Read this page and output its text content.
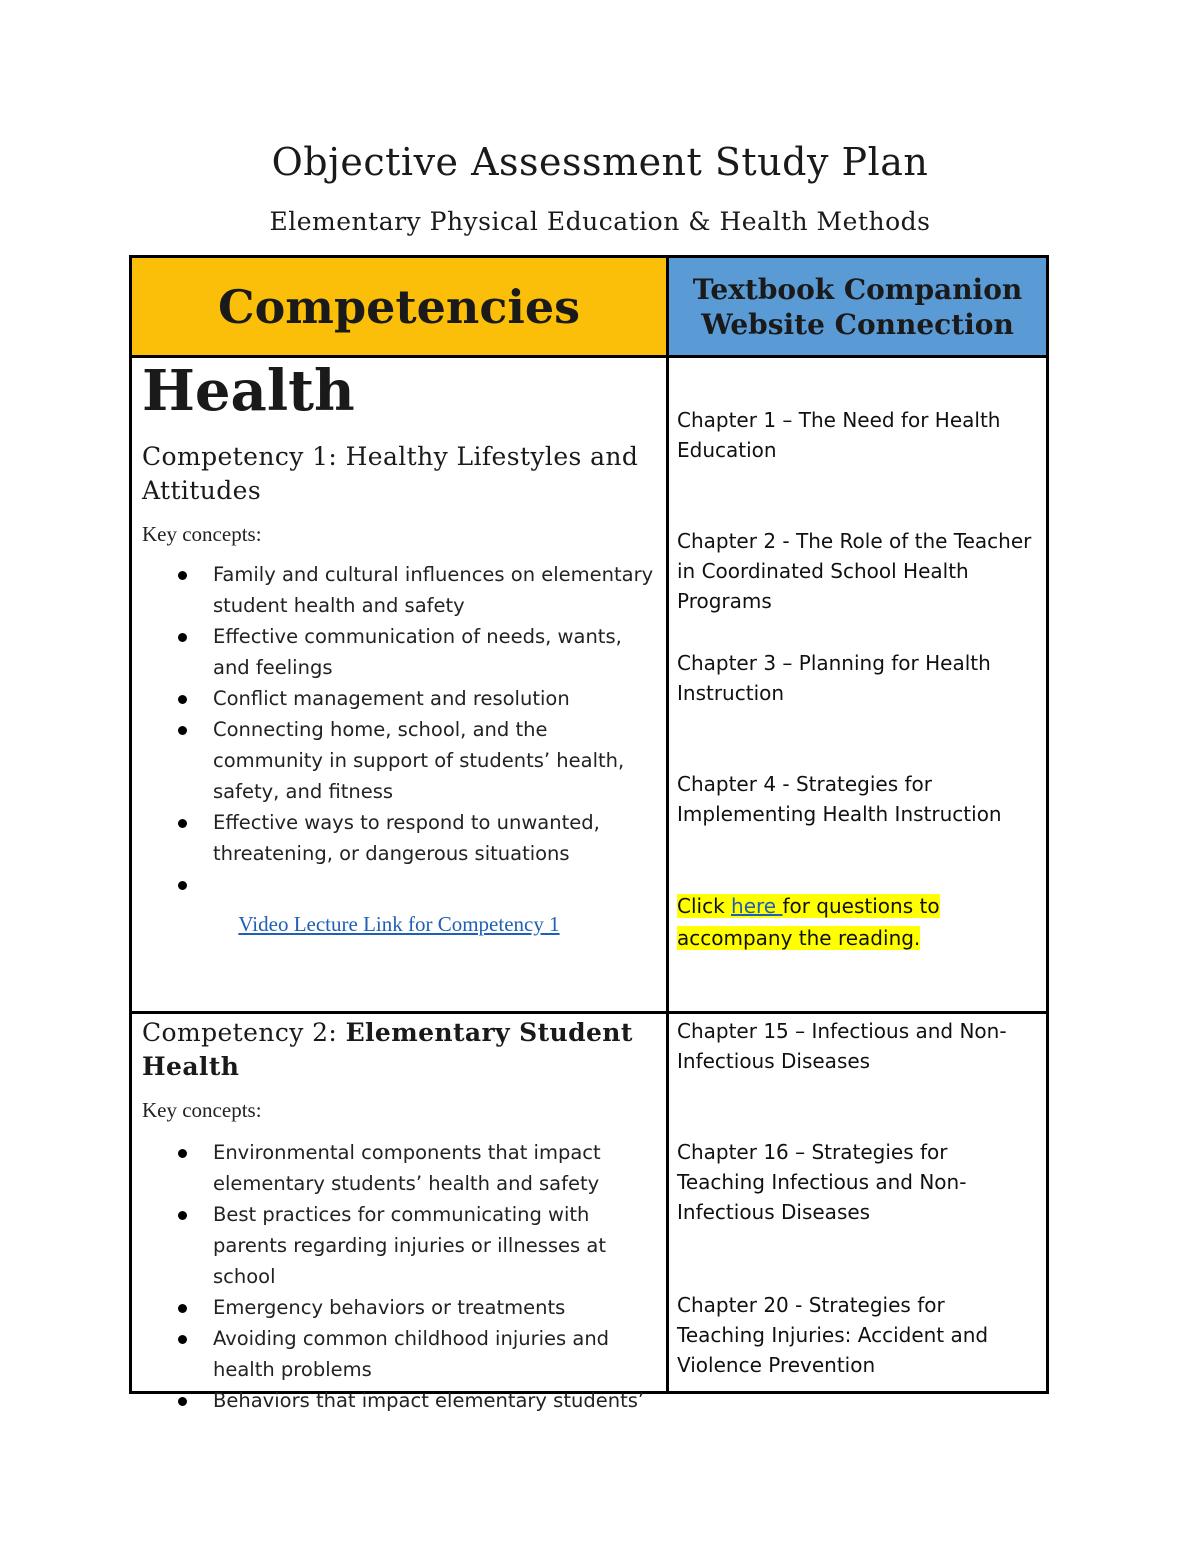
Objective Assessment Study Plan
Elementary Physical Education & Health Methods
Competencies	Textbook Companion
Website Connection

Health

Competency 1: Healthy Lifestyles and Attitudes

Key concepts:

Family and cultural influences on elementary student health and safety
Effective communication of needs, wants, and feelings
Conflict management and resolution
Connecting home, school, and the community in support of students’ health, safety, and fitness
Effective ways to respond to unwanted, threatening, or dangerous situations
Video Lecture Link for Competency 1
Chapter 1 – The Need for Health Education
Chapter 2 - The Role of the Teacher in Coordinated School Health Programs
Chapter 3 – Planning for Health Instruction
Chapter 4 - Strategies for Implementing Health Instruction
Click here for questions to accompany the reading.

Competency 2: Elementary Student Health

Key concepts:

Environmental components that impact elementary students’ health and safety
Best practices for communicating with parents regarding injuries or illnesses at school
Emergency behaviors or treatments
Avoiding common childhood injuries and health problems
Behaviors that impact elementary students’
Chapter 15 – Infectious and Non-Infectious Diseases
Chapter 16 – Strategies for Teaching Infectious and Non-Infectious Diseases
Chapter 20 - Strategies for Teaching Injuries: Accident and Violence Prevention
